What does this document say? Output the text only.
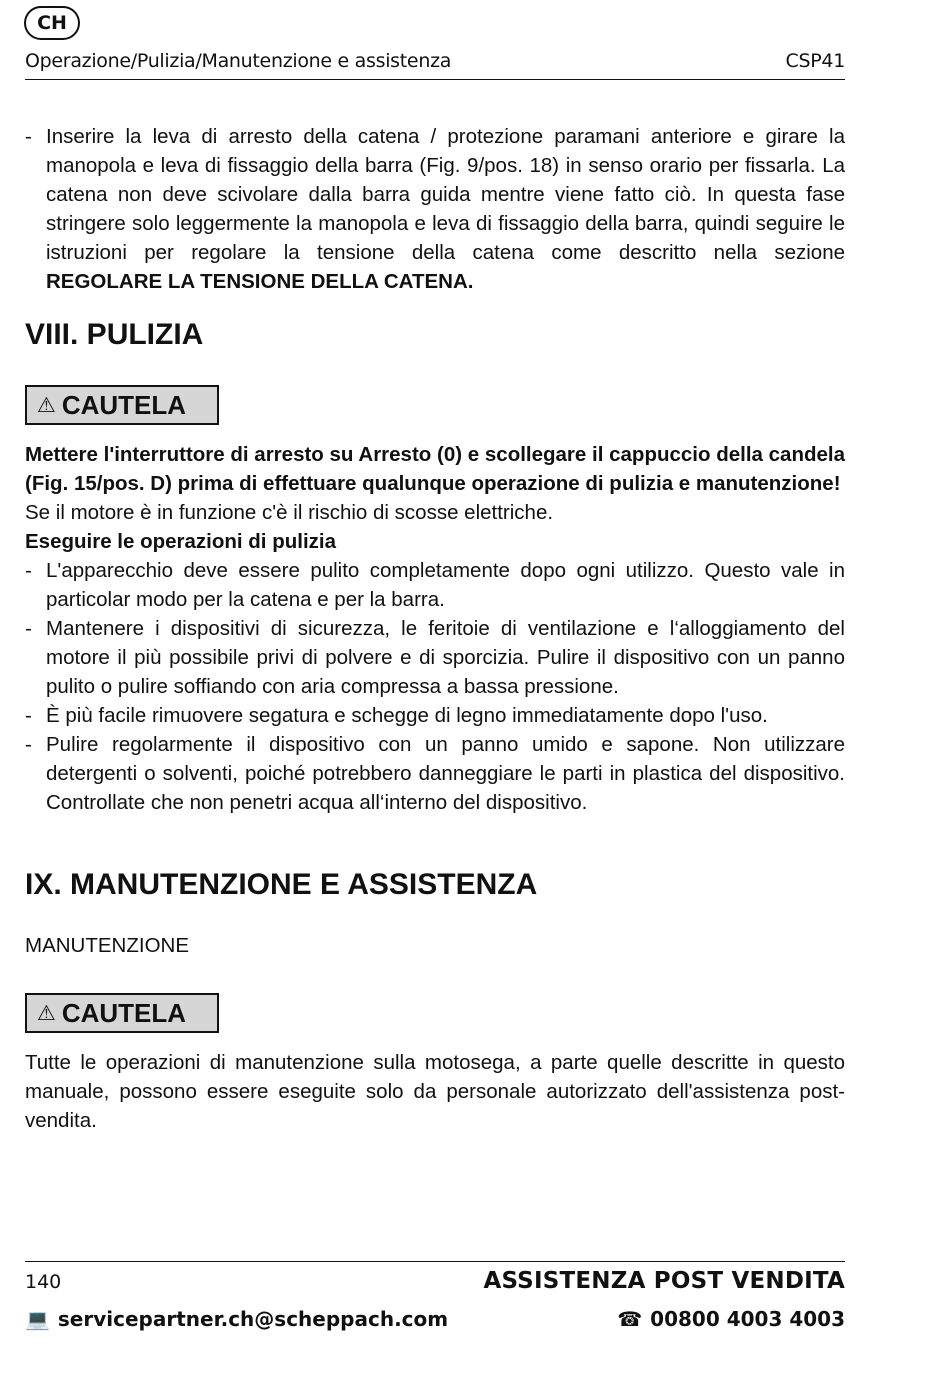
CH
Operazione/Pulizia/Manutenzione e assistenza	CSP41
- Inserire la leva di arresto della catena / protezione paramani anteriore e girare la manopola e leva di fissaggio della barra (Fig. 9/pos. 18) in senso orario per fissarla. La catena non deve scivolare dalla barra guida mentre viene fatto ciò. In questa fase stringere solo leggermente la manopola e leva di fissaggio della barra, quindi seguire le istruzioni per regolare la tensione della catena come descritto nella sezione REGOLARE LA TENSIONE DELLA CATENA.
VIII. PULIZIA
⚠ CAUTELA
Mettere l'interruttore di arresto su Arresto (0) e scollegare il cappuccio della candela (Fig. 15/pos. D) prima di effettuare qualunque operazione di pulizia e manutenzione!
Se il motore è in funzione c'è il rischio di scosse elettriche.
Eseguire le operazioni di pulizia
- L'apparecchio deve essere pulito completamente dopo ogni utilizzo. Questo vale in particolar modo per la catena e per la barra.
- Mantenere i dispositivi di sicurezza, le feritoie di ventilazione e l‘alloggiamento del motore il più possibile privi di polvere e di sporcizia. Pulire il dispositivo con un panno pulito o pulire soffiando con aria compressa a bassa pressione.
- È più facile rimuovere segatura e schegge di legno immediatamente dopo l'uso.
- Pulire regolarmente il dispositivo con un panno umido e sapone. Non utilizzare detergenti o solventi, poiché potrebbero danneggiare le parti in plastica del dispositivo. Controllate che non penetri acqua all‘interno del dispositivo.
IX. MANUTENZIONE E ASSISTENZA
MANUTENZIONE
⚠ CAUTELA
Tutte le operazioni di manutenzione sulla motosega, a parte quelle descritte in questo manuale, possono essere eseguite solo da personale autorizzato dell'assistenza post-vendita.
140	ASSISTENZA POST VENDITA
💻 servicepartner.ch@scheppach.com	☎ 00800 4003 4003
